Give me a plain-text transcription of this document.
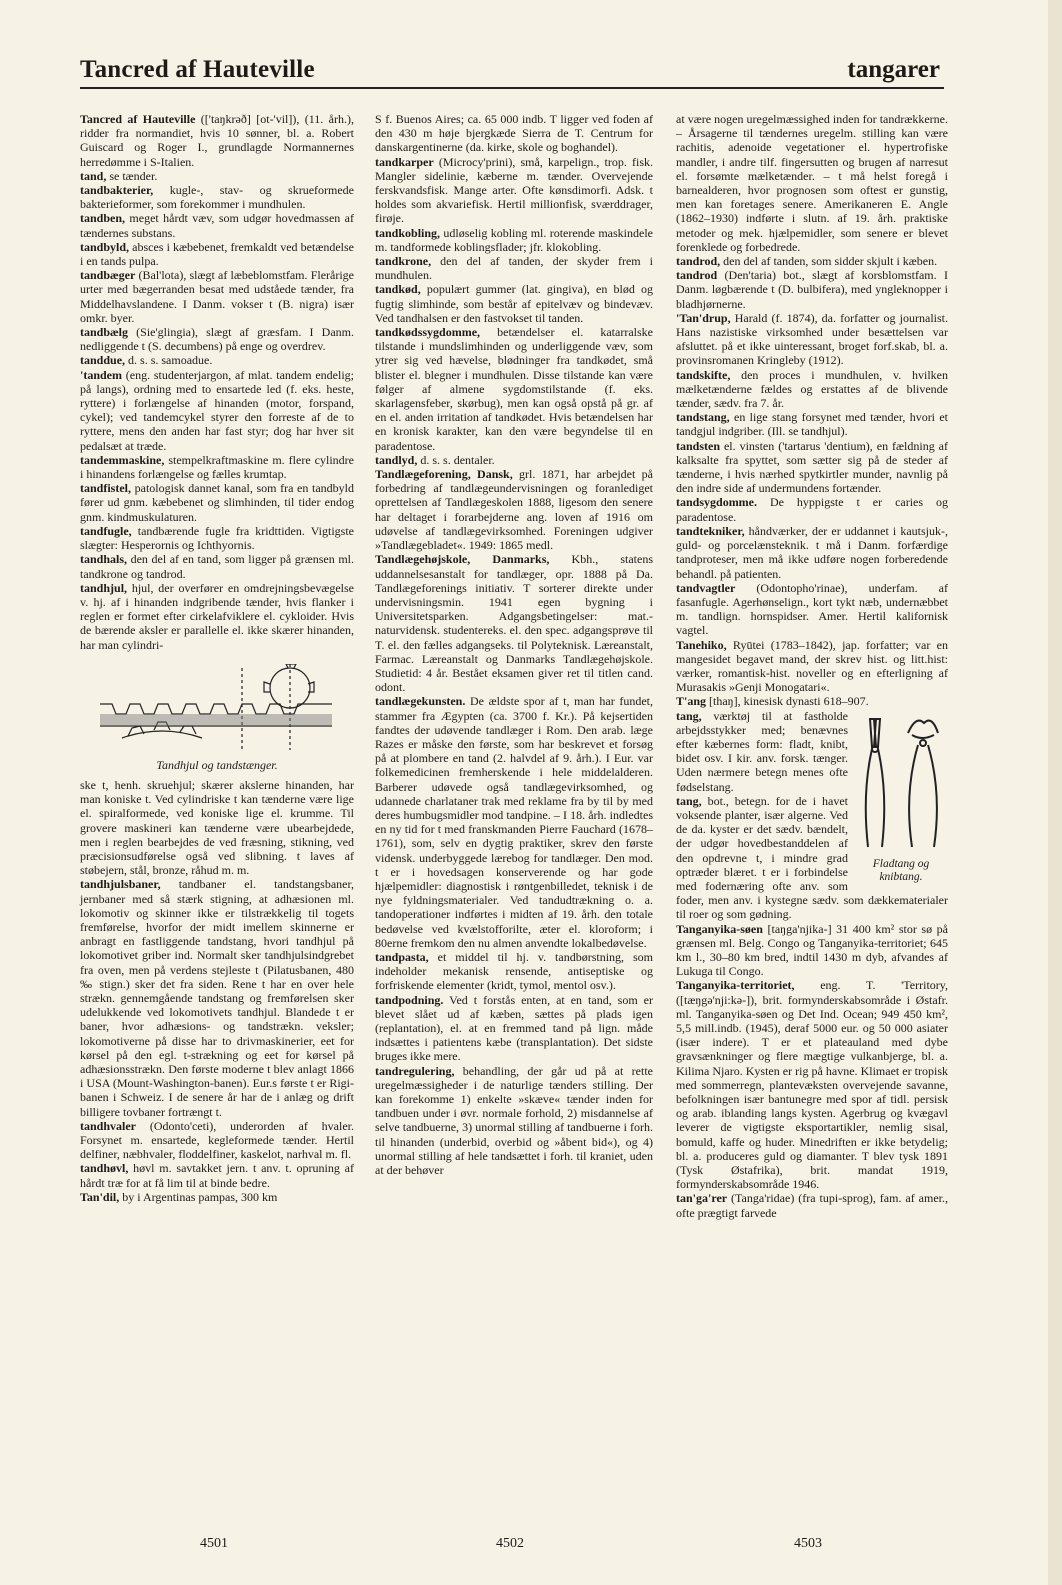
Tancred af Hauteville	tangarer

Tancred af Hauteville (['taŋkrəð] [ot-'vil]), (11. årh.), ridder fra normandiet, hvis 10 sønner, bl. a. Robert Guiscard og Roger I., grundlagde Normannernes herredømme i S-Italien.

tand, se tænder.

tandbakterier, kugle-, stav- og skrueformede bakterieformer, som forekommer i mundhulen.

tandben, meget hårdt væv, som udgør hovedmassen af tændernes substans.

tandbyld, absces i kæbebenet, fremkaldt ved betændelse i en tands pulpa.

tandbæger (Bal'lota), slægt af læbeblomstfam. Flerårige urter med bægerranden besat med udståede tænder, fra Middelhavslandene. I Danm. vokser t (B. nigra) især omkr. byer.

tandbælg (Sie'glingia), slægt af græsfam. I Danm. nedliggende t (S. decumbens) på enge og overdrev.

tanddue, d. s. s. samoadue.

'tandem (eng. studenterjargon, af mlat. tandem endelig; på langs), ordning med to ensartede led (f. eks. heste, ryttere) i forlængelse af hinanden (motor, forspand, cykel); ved tandemcykel styrer den forreste af de to ryttere, mens den anden har fast styr; dog har hver sit pedalsæt at træde.

tandemmaskine, stempelkraftmaskine m. flere cylindre i hinandens forlængelse og fælles krumtap.

tandfistel, patologisk dannet kanal, som fra en tandbyld fører ud gnm. kæbebenet og slimhinden, til tider endog gnm. kindmuskulaturen.

tandfugle, tandbærende fugle fra kridttiden. Vigtigste slægter: Hesperornis og Ichthyornis.

tandhals, den del af en tand, som ligger på grænsen ml. tandkrone og tandrod.

tandhjul, hjul, der overfører en omdrejningsbevægelse v. hj. af i hinanden indgribende tænder, hvis flanker i reglen er formet efter cirkelafviklere el. cykloider. Hvis de bærende aksler er parallelle el. ikke skærer hinanden, har man cylindri-

Tandhjul og tandstænger.

ske t, henh. skruehjul; skærer akslerne hinanden, har man koniske t. Ved cylindriske t kan tænderne være lige el. spiralformede, ved koniske lige el. krumme. Til grovere maskineri kan tænderne være ubearbejdede, men i reglen bearbejdes de ved fræsning, stikning, ved præcisionsudførelse også ved slibning. t laves af støbejern, stål, bronze, råhud m. m.

tandhjulsbaner, tandbaner el. tandstangsbaner, jernbaner med så stærk stigning, at adhæsionen ml. lokomotiv og skinner ikke er tilstrækkelig til togets fremførelse, hvorfor der midt imellem skinnerne er anbragt en fastliggende tandstang, hvori tandhjul på lokomotivet griber ind. Normalt sker tandhjulsindgrebet fra oven, men på verdens stejleste t (Pilatusbanen, 480 ‰ stign.) sker det fra siden. Rene t har en over hele strækn. gennemgående tandstang og fremførelsen sker udelukkende ved lokomotivets tandhjul. Blandede t er baner, hvor adhæsions- og tandstrækn. veksler; lokomotiverne på disse har to drivmaskinerier, eet for kørsel på den egl. t-strækning og eet for kørsel på adhæsionsstrækn. Den første moderne t blev anlagt 1866 i USA (Mount-Washington-banen). Eur.s første t er Rigi-banen i Schweiz. I de senere år har de i anlæg og drift billigere tovbaner fortrængt t.

tandhvaler (Odonto'ceti), underorden af hvaler. Forsynet m. ensartede, kegleformede tænder. Hertil delfiner, næbhvaler, floddelfiner, kaskelot, narhval m. fl.

tandhøvl, høvl m. savtakket jern. t anv. t. opruning af hårdt træ for at få lim til at binde bedre.

Tan'dil, by i Argentinas pampas, 300 km

S f. Buenos Aires; ca. 65 000 indb. T ligger ved foden af den 430 m høje bjergkæde Sierra de T. Centrum for danskargentinerne (da. kirke, skole og boghandel).

tandkarper (Microcy'prini), små, karpelign., trop. fisk. Mangler sidelinie, kæberne m. tænder. Overvejende ferskvandsfisk. Mange arter. Ofte kønsdimorfi. Adsk. t holdes som akvariefisk. Hertil millionfisk, sværddrager, firøje.

tandkobling, udløselig kobling ml. roterende maskindele m. tandformede koblingsflader; jfr. klokobling.

tandkrone, den del af tanden, der skyder frem i mundhulen.

tandkød, populært gummer (lat. gingiva), en blød og fugtig slimhinde, som består af epitelvæv og bindevæv. Ved tandhalsen er den fastvokset til tanden.

tandkødssygdomme, betændelser el. katarralske tilstande i mundslimhinden og underliggende væv, som ytrer sig ved hævelse, blødninger fra tandkødet, små blister el. blegner i mundhulen. Disse tilstande kan være følger af almene sygdomstilstande (f. eks. skarlagensfeber, skørbug), men kan også opstå på gr. af en el. anden irritation af tandkødet. Hvis betændelsen har en kronisk karakter, kan den være begyndelse til en paradentose.

tandlyd, d. s. s. dentaler.

Tandlægeforening, Dansk, grl. 1871, har arbejdet på forbedring af tandlægeundervisningen og foranlediget oprettelsen af Tandlægeskolen 1888, ligesom den senere har deltaget i forarbejderne ang. loven af 1916 om udøvelse af tandlægevirksomhed. Foreningen udgiver »Tandlægebladet«. 1949: 1865 medl.

Tandlægehøjskole, Danmarks, Kbh., statens uddannelsesanstalt for tandlæger, opr. 1888 på Da. Tandlægeforenings initiativ. T sorterer direkte under undervisningsmin. 1941 egen bygning i Universitetsparken. Adgangsbetingelser: mat.-naturvidensk. studentereks. el. den spec. adgangsprøve til T. el. den fælles adgangseks. til Polyteknisk. Læreanstalt, Farmac. Læreanstalt og Danmarks Tandlægehøjskole. Studietid: 4 år. Bestået eksamen giver ret til titlen cand. odont.

tandlægekunsten. De ældste spor af t, man har fundet, stammer fra Ægypten (ca. 3700 f. Kr.). På kejsertiden fandtes der udøvende tandlæger i Rom. Den arab. læge Razes er måske den første, som har beskrevet et forsøg på at plombere en tand (2. halvdel af 9. årh.). I Eur. var folkemedicinen fremherskende i hele middelalderen. Barberer udøvede også tandlægevirksomhed, og udannede charlataner trak med reklame fra by til by med deres humbugsmidler mod tandpine. – I 18. årh. indledtes en ny tid for t med franskmanden Pierre Fauchard (1678–1761), som, selv en dygtig praktiker, skrev den første vidensk. underbyggede lærebog for tandlæger. Den mod. t er i hovedsagen konserverende og har gode hjælpemidler: diagnostisk i røntgenbilledet, teknisk i de nye fyldningsmaterialer. Ved tandudtrækning o. a. tandoperationer indførtes i midten af 19. årh. den totale bedøvelse ved kvælstofforilte, æter el. kloroform; i 80erne fremkom den nu almen anvendte lokalbedøvelse.

tandpasta, et middel til hj. v. tandbørstning, som indeholder mekanisk rensende, antiseptiske og forfriskende elementer (kridt, tymol, mentol osv.).

tandpodning. Ved t forstås enten, at en tand, som er blevet slået ud af kæben, sættes på plads igen (replantation), el. at en fremmed tand på lign. måde indsættes i patientens kæbe (transplantation). Det sidste bruges ikke mere.

tandregulering, behandling, der går ud på at rette uregelmæssigheder i de naturlige tænders stilling. Der kan forekomme 1) enkelte »skæve« tænder inden for tandbuen under i øvr. normale forhold, 2) misdannelse af selve tandbuerne, 3) unormal stilling af tandbuerne i forh. til hinanden (underbid, overbid og »åbent bid«), og 4) unormal stilling af hele tandsættet i forh. til kraniet, uden at der behøver

at være nogen uregelmæssighed inden for tandrækkerne. – Årsagerne til tændernes uregelm. stilling kan være rachitis, adenoide vegetationer el. hypertrofiske mandler, i andre tilf. fingersutten og brugen af narresut el. forsømte mælketænder. – t må helst foregå i barnealderen, hvor prognosen som oftest er gunstig, men kan foretages senere. Amerikaneren E. Angle (1862–1930) indførte i slutn. af 19. årh. praktiske metoder og mek. hjælpemidler, som senere er blevet forenklede og forbedrede.

tandrod, den del af tanden, som sidder skjult i kæben.

tandrod (Den'taria) bot., slægt af korsblomstfam. I Danm. løgbærende t (D. bulbifera), med yngleknopper i bladhjørnerne.

'Tan'drup, Harald (f. 1874), da. forfatter og journalist. Hans nazistiske virksomhed under besættelsen var afsluttet. på et ikke uinteressant, broget forf.skab, bl. a. provinsromanen Kringleby (1912).

tandskifte, den proces i mundhulen, v. hvilken mælketænderne fældes og erstattes af de blivende tænder, sædv. fra 7. år.

tandstang, en lige stang forsynet med tænder, hvori et tandgjul indgriber. (Ill. se tandhjul).

tandsten el. vinsten ('tartarus 'dentium), en fældning af kalksalte fra spyttet, som sætter sig på de steder af tænderne, i hvis nærhed spytkirtler munder, navnlig på den indre side af undermundens fortænder.

tandsygdomme. De hyppigste t er caries og paradentose.

tandtekniker, håndværker, der er uddannet i kautsjuk-, guld- og porcelænsteknik. t må i Danm. forfærdige tandproteser, men må ikke udføre nogen forberedende behandl. på patienten.

tandvagtler (Odontopho'rinae), underfam. af fasanfugle. Agerhønselign., kort tykt næb, undernæbbet m. tandlign. hornspidser. Amer. Hertil kalifornisk vagtel.

Tanehiko, Ryūtei (1783–1842), jap. forfatter; var en mangesidet begavet mand, der skrev hist. og litt.hist: værker, romantisk-hist. noveller og en efterligning af Murasakis »Genji Monogatari«.

T'ang [thaŋ], kinesisk dynasti 618–907.

Fladtang og knibtang.

tang, værktøj til at fastholde arbejdsstykker med; benævnes efter kæbernes form: fladt, knibt, bidet osv. I kir. anv. forsk. tænger. Uden nærmere betegn menes ofte fødselstang.

tang, bot., betegn. for de i havet voksende planter, især algerne. Ved de da. kyster er det sædv. bændelt, der udgør hovedbestanddelen af den opdrevne t, i mindre grad optræder blæret. t er i forbindelse med fodernæring ofte anv. som foder, men anv. i kystegne sædv. som dækkematerialer til roer og som gødning.

Tanganyika-søen [taŋga'njika-] 31 400 km² stor sø på grænsen ml. Belg. Congo og Tanganyika-territoriet; 645 km l., 30–80 km bred, indtil 1430 m dyb, afvandes af Lukuga til Congo.

Tanganyika-territoriet, eng. T. 'Territory, ([tæŋgə'nji:kə-]), brit. formynderskabsområde i Østafr. ml. Tanganyika-søen og Det Ind. Ocean; 949 450 km², 5,5 mill.indb. (1945), deraf 5000 eur. og 50 000 asiater (især indere). T er et plateauland med dybe gravsænkninger og flere mægtige vulkanbjerge, bl. a. Kilima Njaro. Kysten er rig på havne. Klimaet er tropisk med sommerregn, plantevæksten overvejende savanne, befolkningen især bantunegre med spor af tidl. persisk og arab. iblanding langs kysten. Agerbrug og kvægavl leverer de vigtigste eksportartikler, nemlig sisal, bomuld, kaffe og huder. Minedriften er ikke betydelig; bl. a. produceres guld og diamanter. T blev tysk 1891 (Tysk Østafrika), brit. mandat 1919, formynderskabsområde 1946.

tan'ga'rer (Tanga'ridae) (fra tupi-sprog), fam. af amer., ofte prægtigt farvede

4501	4502	4503
